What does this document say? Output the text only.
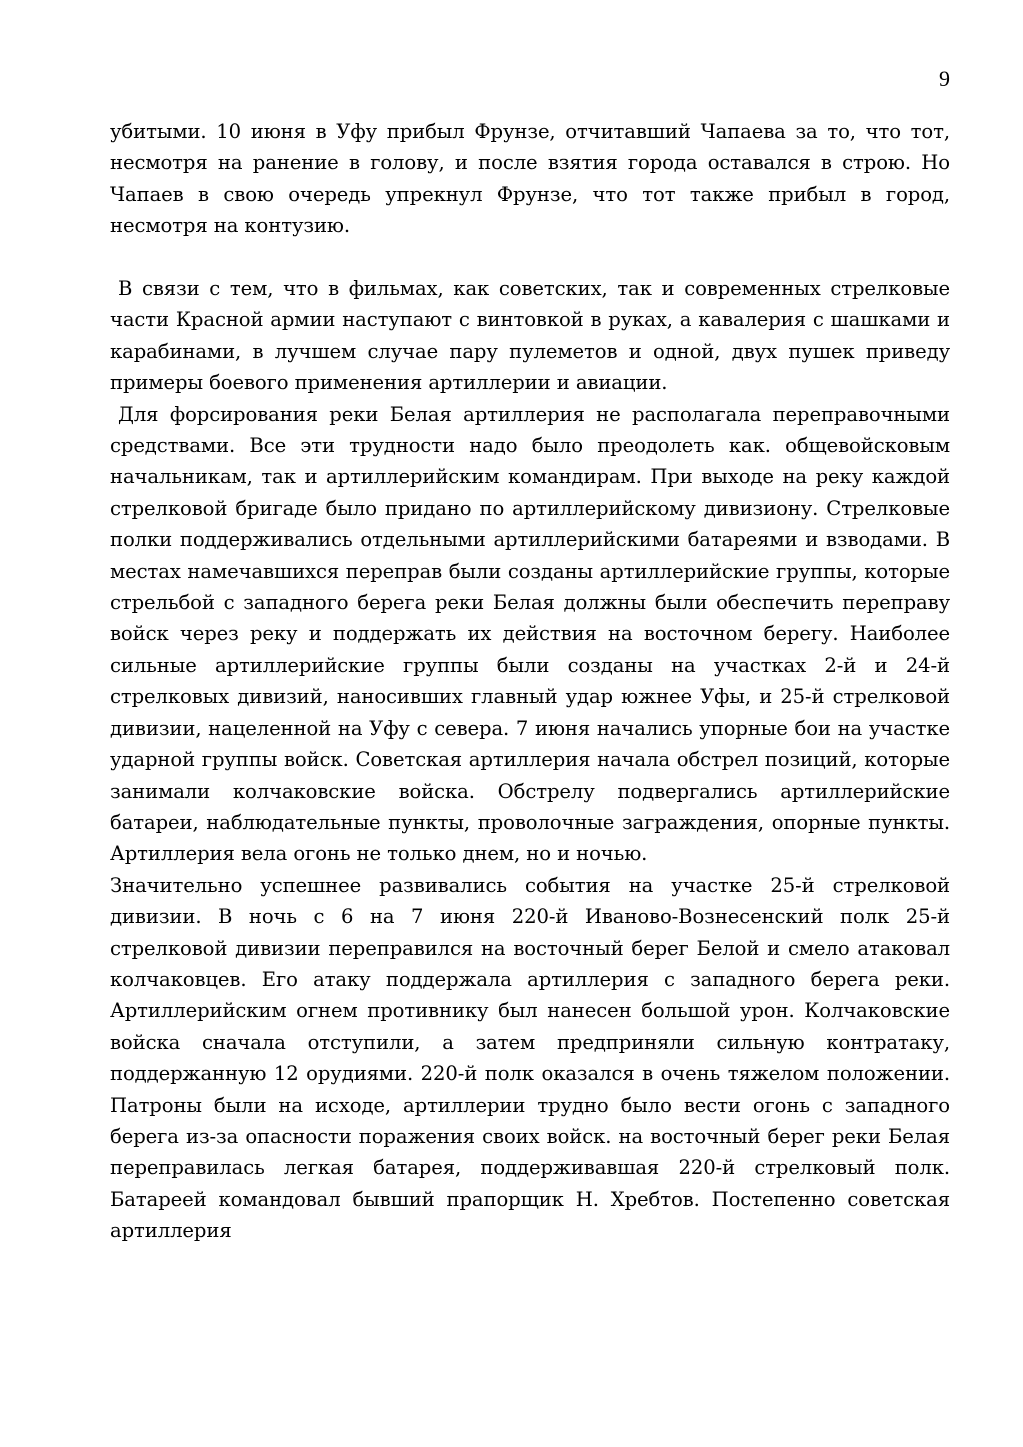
9

убитыми. 10 июня в Уфу прибыл Фрунзе, отчитавший Чапаева за то, что тот, несмотря на ранение в голову, и после взятия города оставался в строю. Но Чапаев в свою очередь упрекнул Фрунзе, что тот также прибыл в город, несмотря на контузию.

В связи с тем, что в фильмах, как советских, так и современных стрелковые части Красной армии наступают с винтовкой в руках, а кавалерия с шашками и карабинами, в лучшем случае пару пулеметов и одной, двух пушек приведу примеры боевого применения артиллерии и авиации.

Для форсирования реки Белая артиллерия не располагала переправочными средствами. Все эти трудности надо было преодолеть как. общевойсковым начальникам, так и артиллерийским командирам. При выходе на реку каждой стрелковой бригаде было придано по артиллерийскому дивизиону. Стрелковые полки поддерживались отдельными артиллерийскими батареями и взводами. В местах намечавшихся переправ были созданы артиллерийские группы, которые стрельбой с западного берега реки Белая должны были обеспечить переправу войск через реку и поддержать их действия на восточном берегу. Наиболее сильные артиллерийские группы были созданы на участках 2-й и 24-й стрелковых дивизий, наносивших главный удар южнее Уфы, и 25-й стрелковой дивизии, нацеленной на Уфу с севера. 7 июня начались упорные бои на участке ударной группы войск. Советская артиллерия начала обстрел позиций, которые занимали колчаковские войска. Обстрелу подвергались артиллерийские батареи, наблюдательные пункты, проволочные заграждения, опорные пункты. Артиллерия вела огонь не только днем, но и ночью.

Значительно успешнее развивались события на участке 25-й стрелковой дивизии. В ночь с 6 на 7 июня 220-й Иваново-Вознесенский полк 25-й стрелковой дивизии переправился на восточный берег Белой и смело атаковал колчаковцев. Его атаку поддержала артиллерия с западного берега реки. Артиллерийским огнем противнику был нанесен большой урон. Колчаковские войска сначала отступили, а затем предприняли сильную контратаку, поддержанную 12 орудиями. 220-й полк оказался в очень тяжелом положении. Патроны были на исходе, артиллерии трудно было вести огонь с западного берега из-за опасности поражения своих войск. на восточный берег реки Белая переправилась легкая батарея, поддерживавшая 220-й стрелковый полк. Батареей командовал бывший прапорщик Н. Хребтов. Постепенно советская артиллерия
